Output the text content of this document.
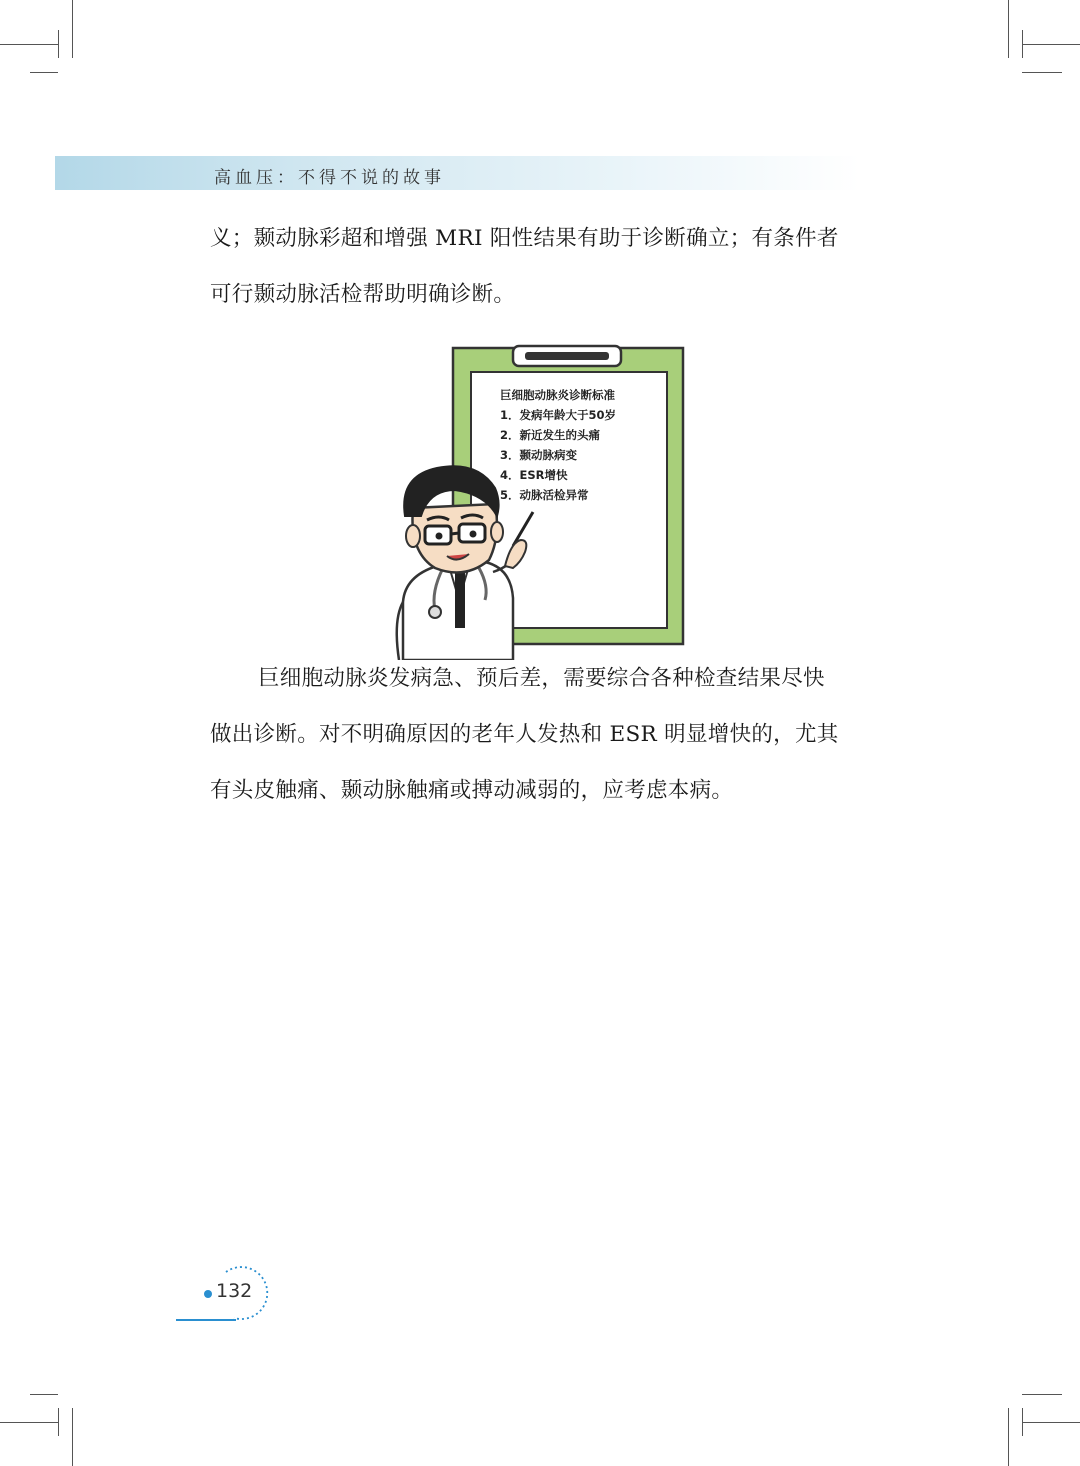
高血压：不得不说的故事
义；颞动脉彩超和增强 MRI 阳性结果有助于诊断确立；有条件者
可行颞动脉活检帮助明确诊断。
巨细胞动脉炎诊断标准
1．发病年龄大于50岁
2．新近发生的头痛
3．颞动脉病变
4．ESR增快
5．动脉活检异常
巨细胞动脉炎发病急、预后差，需要综合各种检查结果尽快
做出诊断。对不明确原因的老年人发热和 ESR 明显增快的，尤其
有头皮触痛、颞动脉触痛或搏动减弱的，应考虑本病。
132
